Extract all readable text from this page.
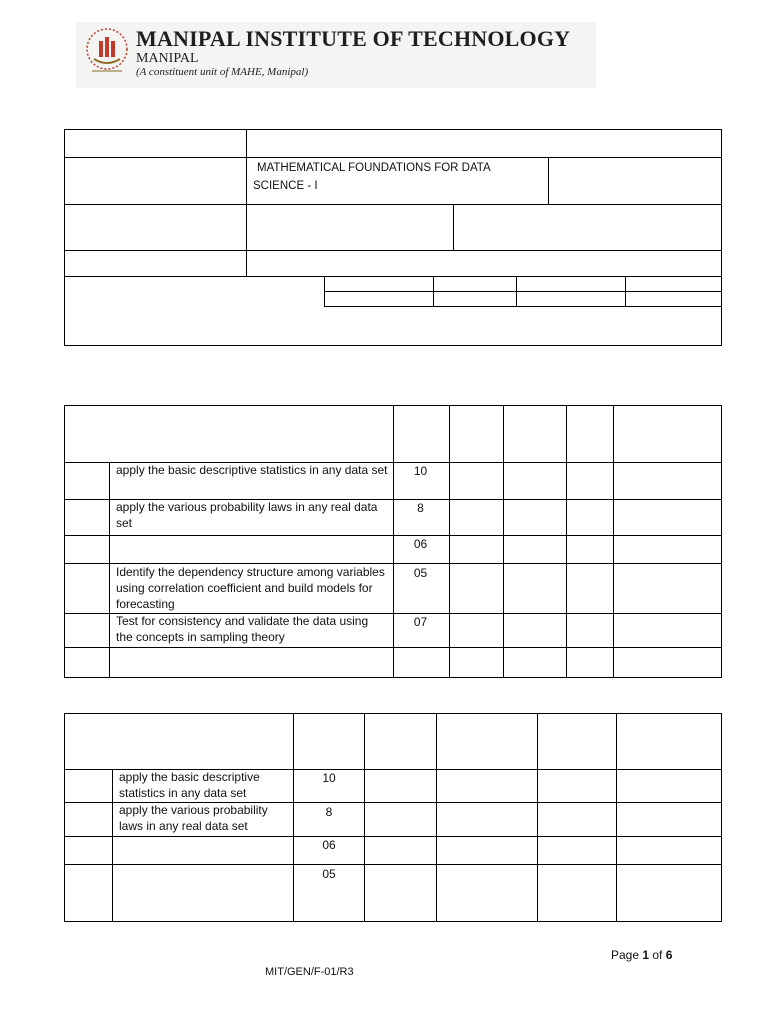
MANIPAL INSTITUTE OF TECHNOLOGY
MANIPAL
(A constituent unit of MAHE, Manipal)
MATHEMATICAL FOUNDATIONS FOR DATA
SCIENCE - I
apply the basic descriptive statistics in any data set	10
apply the various probability laws in any real data set
8
06
Identify the dependency structure among variables using correlation coefficient and build models for forecasting
05
Test for consistency and validate the data using the concepts in sampling theory
07
apply the basic descriptive statistics in any data set
10
apply the various probability laws in any real data set
8
06
05
Page 1 of 6
MIT/GEN/F-01/R3
